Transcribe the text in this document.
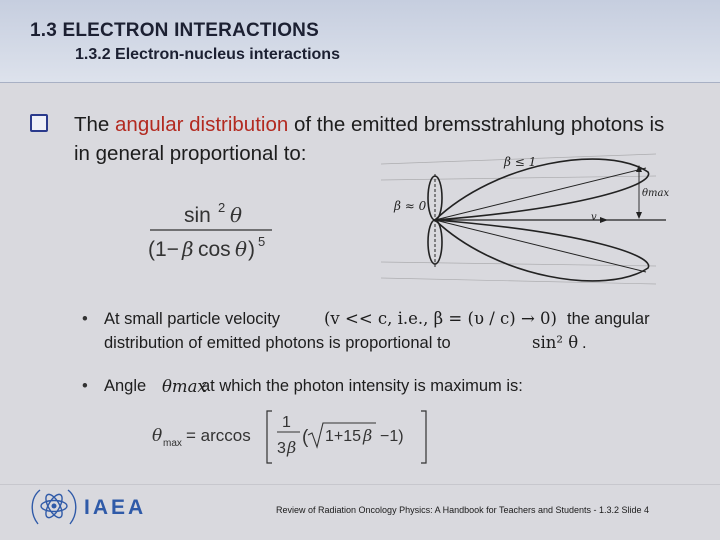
1.3 ELECTRON INTERACTIONS
1.3.2 Electron-nucleus interactions
The angular distribution of the emitted bremsstrahlung photons is in general proportional to:
sin 2 θ
(1− β cos θ ) 5
v
β ≤ 1
β ≈ 0
θmax
• At small particle velocity	(v << c, i.e., β = (υ / c) → 0) the angular
distribution of emitted photons is proportional to	sin² θ .
• Angle θmax
at which the photon intensity is maximum is:
θ max = arccos
1
3 β ( 1+15 β −1)
IAEA	Review of Radiation Oncology Physics: A Handbook for Teachers and Students - 1.3.2 Slide 4
